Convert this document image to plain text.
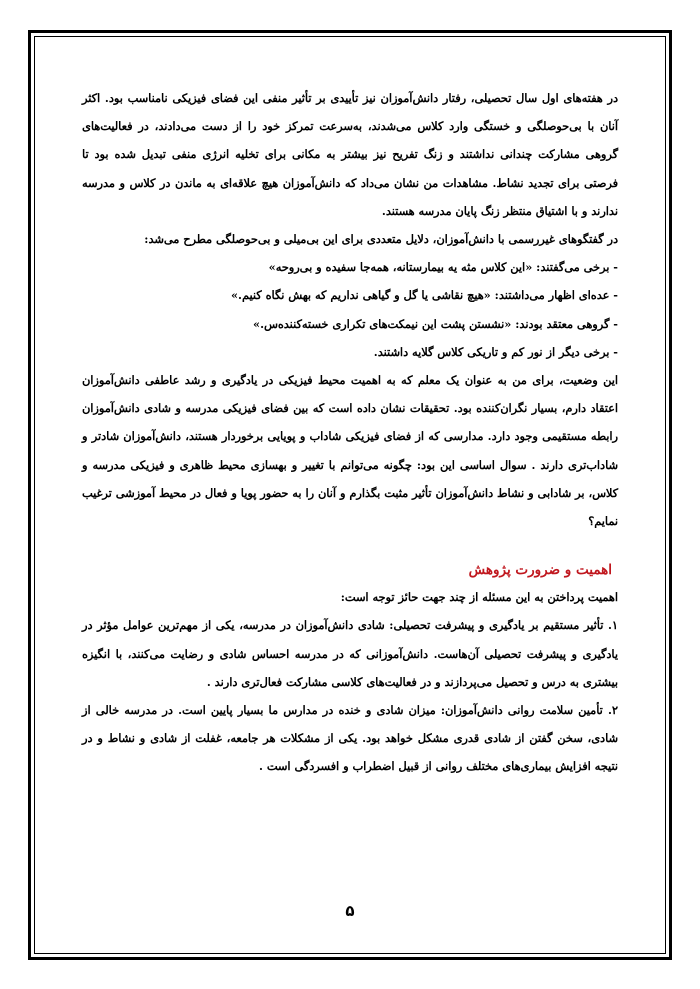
در هفته‌های اول سال تحصیلی، رفتار دانش‌آموزان نیز تأییدی بر تأثیر منفی این فضای فیزیکی نامناسب بود. اکثر آنان با بی‌حوصلگی و خستگی وارد کلاس می‌شدند، به‌سرعت تمرکز خود را از دست می‌دادند، در فعالیت‌های گروهی مشارکت چندانی نداشتند و زنگ تفریح نیز بیشتر به مکانی برای تخلیه انرژی منفی تبدیل شده بود تا فرصتی برای تجدید نشاط. مشاهدات من نشان می‌داد که دانش‌آموزان هیچ علاقه‌ای به ماندن در کلاس و مدرسه ندارند و با اشتیاق منتظر زنگ پایان مدرسه هستند.

در گفتگوهای غیررسمی با دانش‌آموزان، دلایل متعددی برای این بی‌میلی و بی‌حوصلگی مطرح می‌شد:

- برخی می‌گفتند: «این کلاس مثه یه بیمارستانه، همه‌جا سفیده و بی‌روحه»

- عده‌ای اظهار می‌داشتند: «هیچ نقاشی یا گل و گیاهی نداریم که بهش نگاه کنیم.»

- گروهی معتقد بودند: «نشستن پشت این نیمکت‌های تکراری خسته‌کننده‌س.»

- برخی دیگر از نور کم و تاریکی کلاس گلایه داشتند.

این وضعیت، برای من به عنوان یک معلم که به اهمیت محیط فیزیکی در یادگیری و رشد عاطفی دانش‌آموزان اعتقاد دارم، بسیار نگران‌کننده بود. تحقیقات نشان داده است که بین فضای فیزیکی مدرسه و شادی دانش‌آموزان رابطه مستقیمی وجود دارد. مدارسی که از فضای فیزیکی شاداب و پویایی برخوردار هستند، دانش‌آموزان شادتر و شاداب‌تری دارند . سوال اساسی این بود: چگونه می‌توانم با تغییر و بهسازی محیط ظاهری و فیزیکی مدرسه و کلاس، بر شادابی و نشاط دانش‌آموزان تأثیر مثبت بگذارم و آنان را به حضور پویا و فعال در محیط آموزشی ترغیب نمایم؟

اهمیت و ضرورت پژوهش

اهمیت پرداختن به این مسئله از چند جهت حائز توجه است:

۱. تأثیر مستقیم بر یادگیری و پیشرفت تحصیلی: شادی دانش‌آموزان در مدرسه، یکی از مهم‌ترین عوامل مؤثر در یادگیری و پیشرفت تحصیلی آن‌هاست. دانش‌آموزانی که در مدرسه احساس شادی و رضایت می‌کنند، با انگیزه بیشتری به درس و تحصیل می‌پردازند و در فعالیت‌های کلاسی مشارکت فعال‌تری دارند .

۲. تأمین سلامت روانی دانش‌آموزان: میزان شادی و خنده در مدارس ما بسیار پایین است. در مدرسه خالی از شادی، سخن گفتن از شادی قدری مشکل خواهد بود. یکی از مشکلات هر جامعه، غفلت از شادی و نشاط و در نتیجه افزایش بیماری‌های مختلف روانی از قبیل اضطراب و افسردگی است .

۵
